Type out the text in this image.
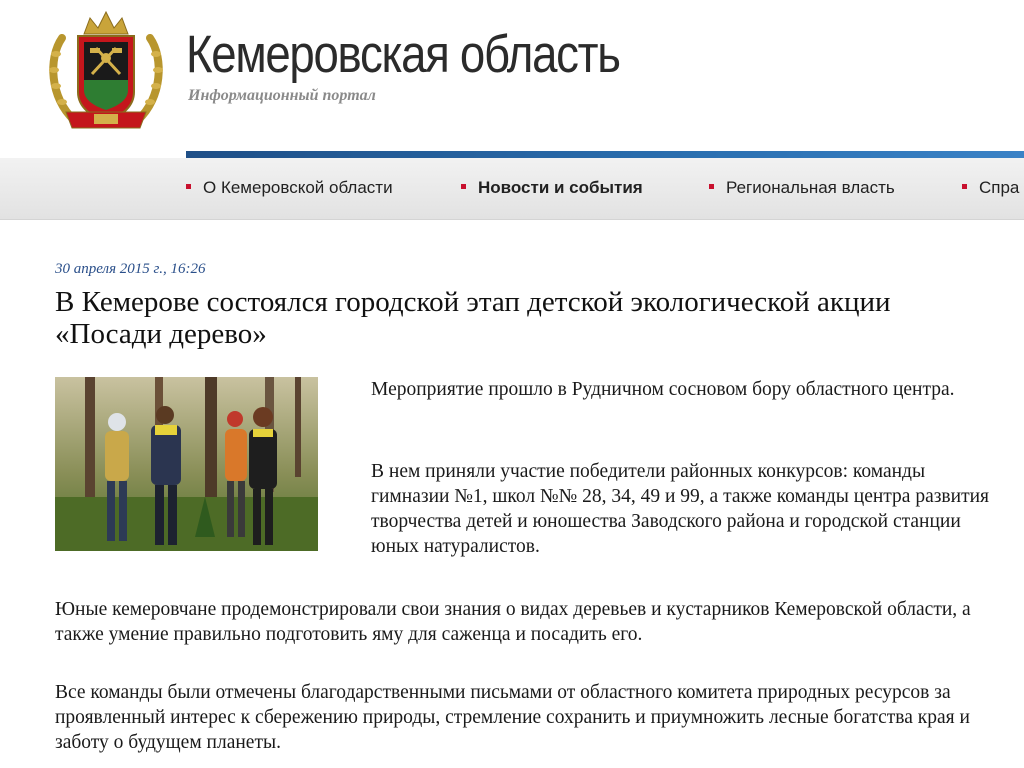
Кемеровская область
Информационный портал
О Кемеровской области	Новости и события	Региональная власть	Спра
30 апреля 2015 г., 16:26
В Кемерове состоялся городской этап детской экологической акции «Посади дерево»

Мероприятие прошло в Рудничном сосновом бору областного центра.

В нем приняли участие победители районных конкурсов: команды гимназии №1, школ №№ 28, 34, 49 и 99, а также команды центра развития творчества детей и юношества Заводского района и городской станции юных натуралистов.

Юные кемеровчане продемонстрировали свои знания о видах деревьев и кустарников Кемеровской области, а также умение правильно подготовить яму для саженца и посадить его.

Все команды были отмечены благодарственными письмами от областного комитета природных ресурсов за проявленный интерес к сбережению природы, стремление сохранить и приумножить лесные богатства края и заботу о будущем планеты.
